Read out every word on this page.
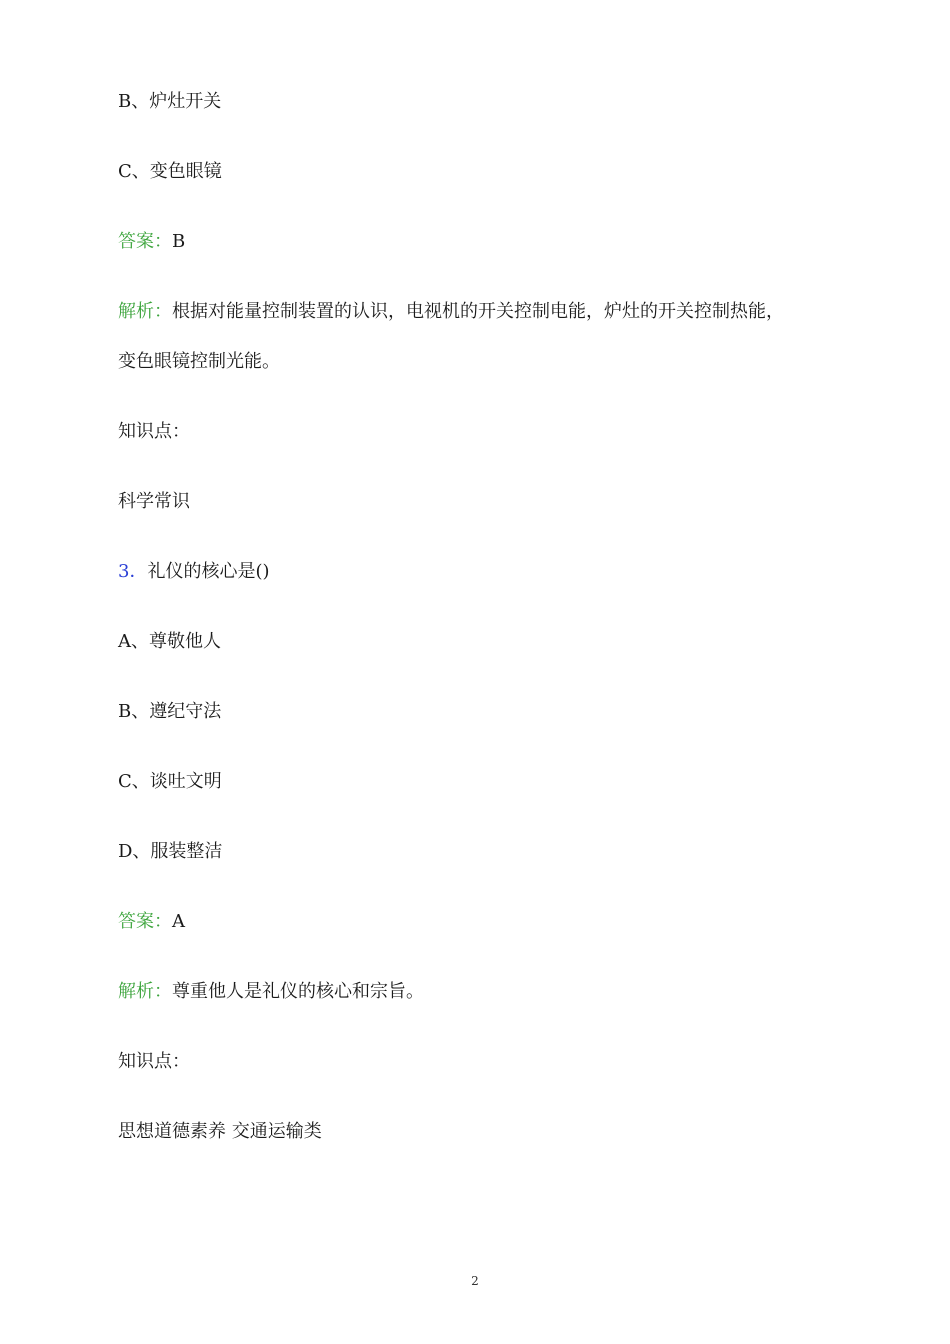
B、炉灶开关
C、变色眼镜
答案：B
解析：根据对能量控制装置的认识，电视机的开关控制电能，炉灶的开关控制热能，
变色眼镜控制光能。
知识点：
科学常识
3．礼仪的核心是()
A、尊敬他人
B、遵纪守法
C、谈吐文明
D、服装整洁
答案：A
解析：尊重他人是礼仪的核心和宗旨。
知识点：
思想道德素养 交通运输类
2
